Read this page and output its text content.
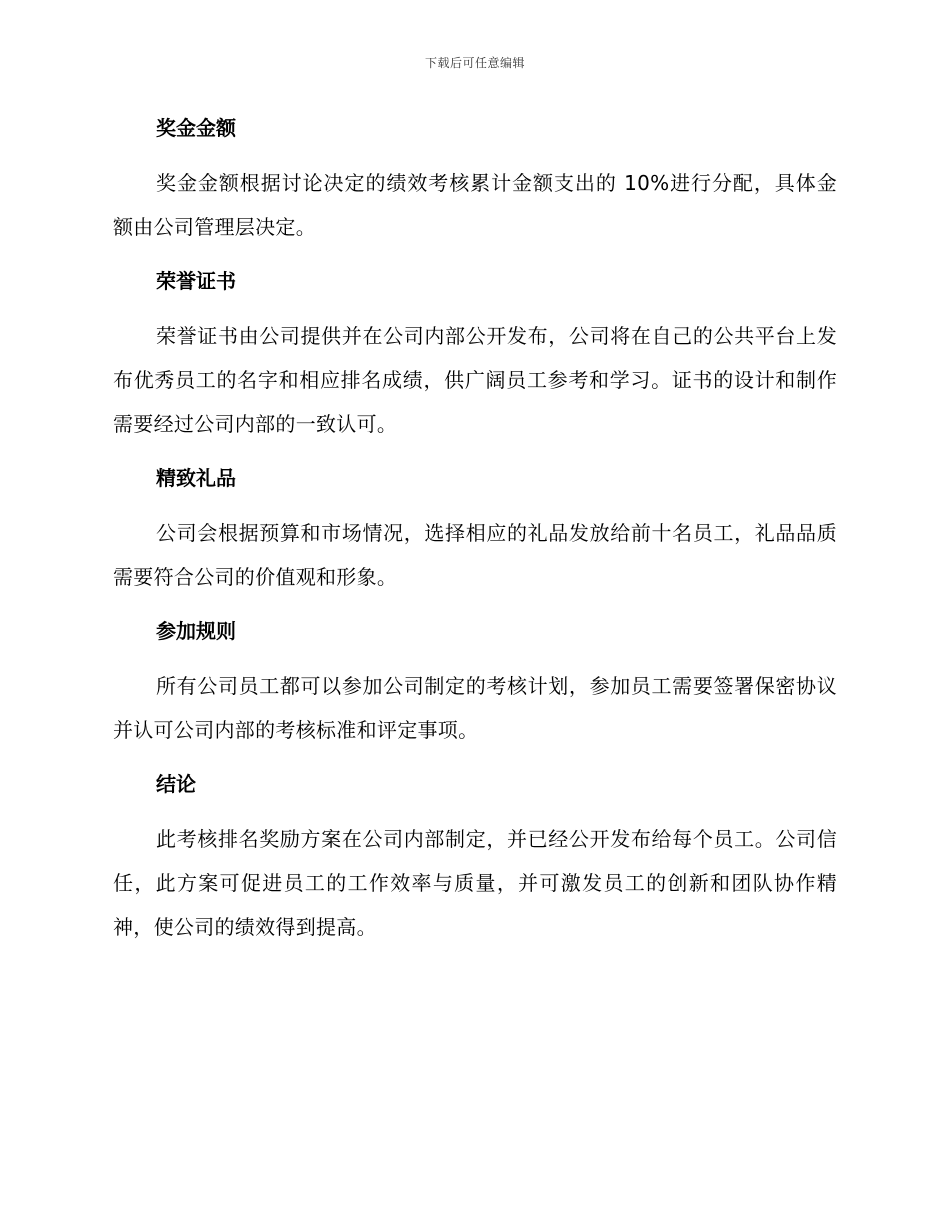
下载后可任意编辑
奖金金额

奖金金额根据讨论决定的绩效考核累计金额支出的 10%进行分配，具体金额由公司管理层决定。

荣誉证书

荣誉证书由公司提供并在公司内部公开发布，公司将在自己的公共平台上发布优秀员工的名字和相应排名成绩，供广阔员工参考和学习。证书的设计和制作需要经过公司内部的一致认可。

精致礼品

公司会根据预算和市场情况，选择相应的礼品发放给前十名员工，礼品品质需要符合公司的价值观和形象。

参加规则

所有公司员工都可以参加公司制定的考核计划，参加员工需要签署保密协议并认可公司内部的考核标准和评定事项。

结论

此考核排名奖励方案在公司内部制定，并已经公开发布给每个员工。公司信任，此方案可促进员工的工作效率与质量，并可激发员工的创新和团队协作精神，使公司的绩效得到提高。
